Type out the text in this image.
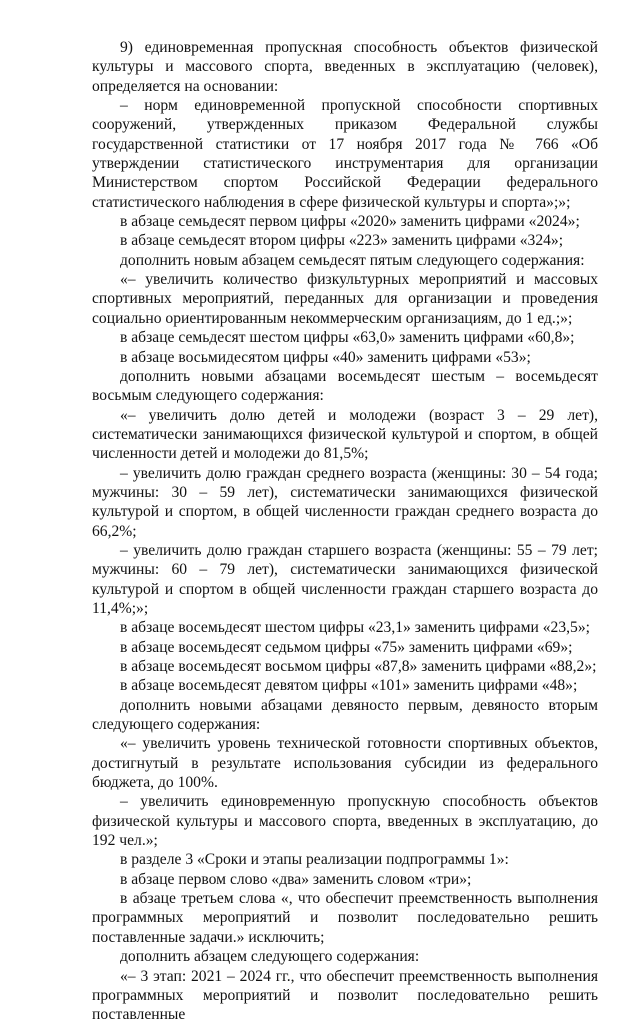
9) единовременная пропускная способность объектов физической культуры и массового спорта, введенных в эксплуатацию (человек), определяется на основании:

– норм единовременной пропускной способности спортивных сооружений, утвержденных приказом Федеральной службы государственной статистики от 17 ноября 2017 года № 766 «Об утверждении статистического инструментария для организации Министерством спортом Российской Федерации федерального статистического наблюдения в сфере физической культуры и спорта»;»;

в абзаце семьдесят первом цифры «2020» заменить цифрами «2024»;

в абзаце семьдесят втором цифры «223» заменить цифрами «324»;

дополнить новым абзацем семьдесят пятым следующего содержания:

«– увеличить количество физкультурных мероприятий и массовых спортивных мероприятий, переданных для организации и проведения социально ориентированным некоммерческим организациям, до 1 ед.;»;

в абзаце семьдесят шестом цифры «63,0» заменить цифрами «60,8»;

в абзаце восьмидесятом цифры «40» заменить цифрами «53»;

дополнить новыми абзацами восемьдесят шестым – восемьдесят восьмым следующего содержания:

«– увеличить долю детей и молодежи (возраст 3 – 29 лет), систематически занимающихся физической культурой и спортом, в общей численности детей и молодежи до 81,5%;

– увеличить долю граждан среднего возраста (женщины: 30 – 54 года; мужчины: 30 – 59 лет), систематически занимающихся физической культурой и спортом, в общей численности граждан среднего возраста до 66,2%;

– увеличить долю граждан старшего возраста (женщины: 55 – 79 лет; мужчины: 60 – 79 лет), систематически занимающихся физической культурой и спортом в общей численности граждан старшего возраста до 11,4%;»;

в абзаце восемьдесят шестом цифры «23,1» заменить цифрами «23,5»;

в абзаце восемьдесят седьмом цифры «75» заменить цифрами «69»;

в абзаце восемьдесят восьмом цифры «87,8» заменить цифрами «88,2»;

в абзаце восемьдесят девятом цифры «101» заменить цифрами «48»;

дополнить новыми абзацами девяносто первым, девяносто вторым следующего содержания:

«– увеличить уровень технической готовности спортивных объектов, достигнутый в результате использования субсидии из федерального бюджета, до 100%.

– увеличить единовременную пропускную способность объектов физической культуры и массового спорта, введенных в эксплуатацию, до 192 чел.»;

в разделе 3 «Сроки и этапы реализации подпрограммы 1»:

в абзаце первом слово «два» заменить словом «три»;

в абзаце третьем слова «, что обеспечит преемственность выполнения программных мероприятий и позволит последовательно решить поставленные задачи.» исключить;

дополнить абзацем следующего содержания:

«– 3 этап: 2021 – 2024 гг., что обеспечит преемственность выполнения программных мероприятий и позволит последовательно решить поставленные
